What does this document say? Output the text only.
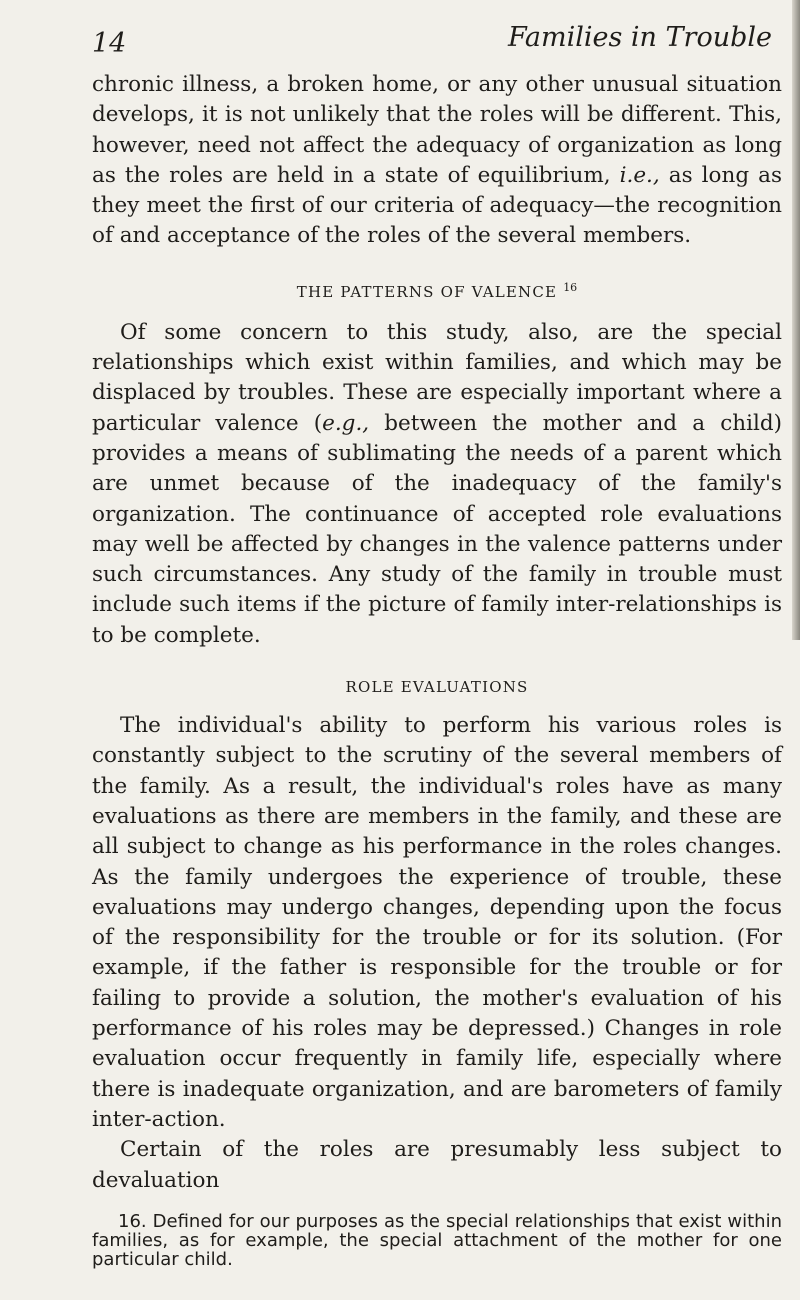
14	Families in Trouble

chronic illness, a broken home, or any other unusual situation develops, it is not unlikely that the roles will be different. This, however, need not affect the adequacy of organization as long as the roles are held in a state of equilibrium, i.e., as long as they meet the first of our criteria of adequacy—the recognition of and acceptance of the roles of the several members.

THE PATTERNS OF VALENCE $^{16}$

Of some concern to this study, also, are the special relationships which exist within families, and which may be displaced by troubles. These are especially important where a particular valence (e.g., between the mother and a child) provides a means of sublimating the needs of a parent which are unmet because of the inadequacy of the family's organization. The continuance of accepted role evaluations may well be affected by changes in the valence patterns under such circumstances. Any study of the family in trouble must include such items if the picture of family inter-relationships is to be complete.

ROLE EVALUATIONS

The individual's ability to perform his various roles is constantly subject to the scrutiny of the several members of the family. As a result, the individual's roles have as many evaluations as there are members in the family, and these are all subject to change as his performance in the roles changes. As the family undergoes the experience of trouble, these evaluations may undergo changes, depending upon the focus of the responsibility for the trouble or for its solution. (For example, if the father is responsible for the trouble or for failing to provide a solution, the mother's evaluation of his performance of his roles may be depressed.) Changes in role evaluation occur frequently in family life, especially where there is inadequate organization, and are barometers of family inter-action.

Certain of the roles are presumably less subject to devaluation

16. Defined for our purposes as the special relationships that exist within families, as for example, the special attachment of the mother for one particular child.
